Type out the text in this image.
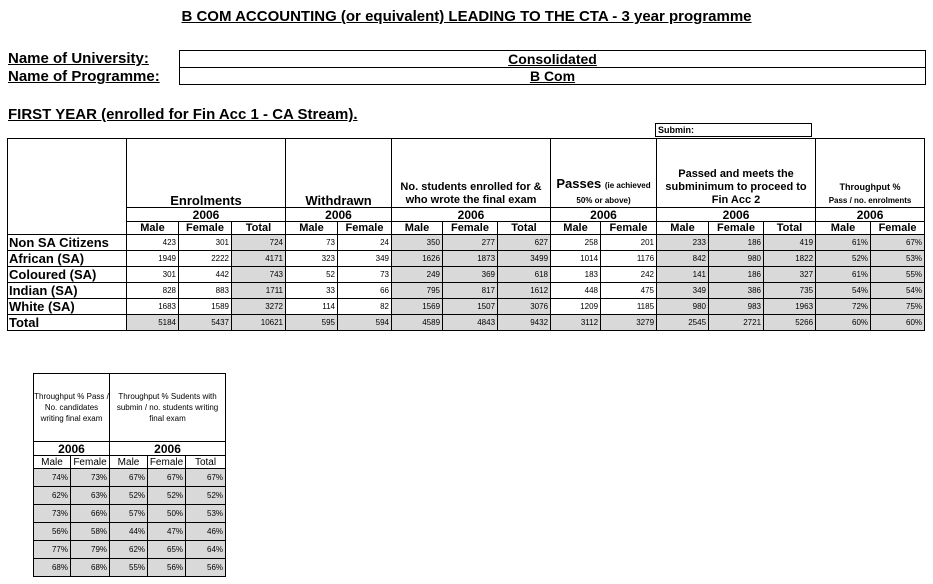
B COM ACCOUNTING (or equivalent) LEADING TO THE CTA - 3 year programme
Name of University:	Consolidated
Name of Programme:	B Com
FIRST YEAR (enrolled for Fin Acc 1 - CA Stream).
Submin:
	Enrolments			Withdrawn		No. students enrolled for & who wrote the final exam			Passes (ie achieved 50% or above)		Passed and meets the subminimum to proceed to Fin Acc 2			Throughput %
Pass / no. enrolments	

	2006			2006		2006			2006		2006			2006	
	Male	Female	Total	Male	Female	Male	Female	Total	Male	Female	Male	Female	Total	Male	Female
Non SA Citizens	423	301	724	73	24	350	277	627	258	201	233	186	419	61%	67%
African (SA)	1949	2222	4171	323	349	1626	1873	3499	1014	1176	842	980	1822	52%	53%
Coloured (SA)	301	442	743	52	73	249	369	618	183	242	141	186	327	61%	55%
Indian (SA)	828	883	1711	33	66	795	817	1612	448	475	349	386	735	54%	54%
White (SA)	1683	1589	3272	114	82	1569	1507	3076	1209	1185	980	983	1963	72%	75%
Total	5184	5437	10621	595	594	4589	4843	9432	3112	3279	2545	2721	5266	60%	60%
Throughput % Pass / No. candidates writing final exam		Throughput % Sudents with submin / no. students writing final exam		
2006		2006		
Male	Female	Male	Female	Total
74%	73%	67%	67%	67%
62%	63%	52%	52%	52%
73%	66%	57%	50%	53%
56%	58%	44%	47%	46%
77%	79%	62%	65%	64%
68%	68%	55%	56%	56%
